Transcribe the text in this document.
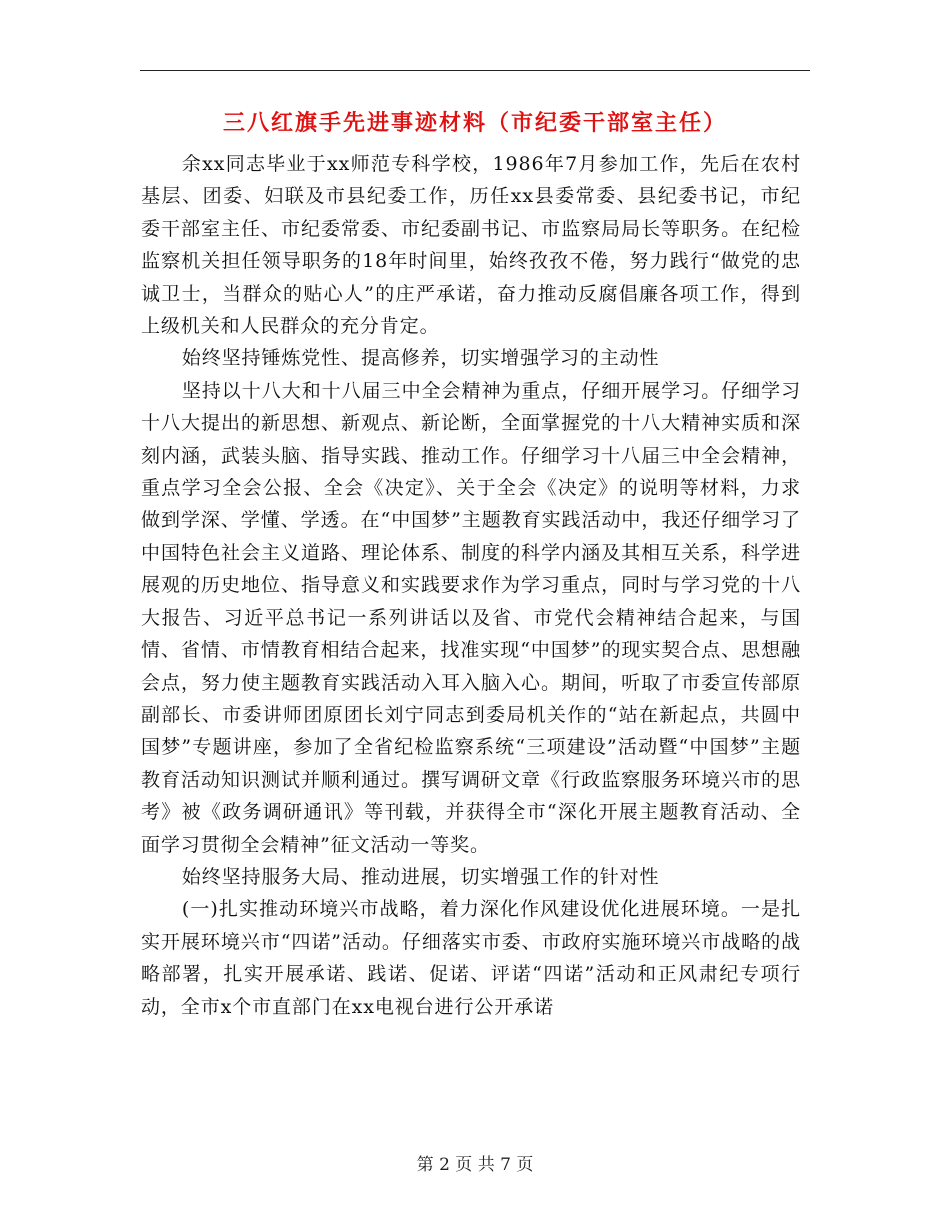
三八红旗手先进事迹材料（市纪委干部室主任）

余xx同志毕业于xx师范专科学校，1986年7月参加工作，先后在农村基层、团委、妇联及市县纪委工作，历任xx县委常委、县纪委书记，市纪委干部室主任、市纪委常委、市纪委副书记、市监察局局长等职务。在纪检监察机关担任领导职务的18年时间里，始终孜孜不倦，努力践行“做党的忠诚卫士，当群众的贴心人”的庄严承诺，奋力推动反腐倡廉各项工作，得到上级机关和人民群众的充分肯定。

始终坚持锤炼党性、提高修养，切实增强学习的主动性

坚持以十八大和十八届三中全会精神为重点，仔细开展学习。仔细学习十八大提出的新思想、新观点、新论断，全面掌握党的十八大精神实质和深刻内涵，武装头脑、指导实践、推动工作。仔细学习十八届三中全会精神，重点学习全会公报、全会《决定》、关于全会《决定》的说明等材料，力求做到学深、学懂、学透。在“中国梦”主题教育实践活动中，我还仔细学习了中国特色社会主义道路、理论体系、制度的科学内涵及其相互关系，科学进展观的历史地位、指导意义和实践要求作为学习重点，同时与学习党的十八大报告、习近平总书记一系列讲话以及省、市党代会精神结合起来，与国情、省情、市情教育相结合起来，找准实现“中国梦”的现实契合点、思想融会点，努力使主题教育实践活动入耳入脑入心。期间，听取了市委宣传部原副部长、市委讲师团原团长刘宁同志到委局机关作的“站在新起点，共圆中国梦”专题讲座，参加了全省纪检监察系统“三项建设”活动暨“中国梦”主题教育活动知识测试并顺利通过。撰写调研文章《行政监察服务环境兴市的思考》被《政务调研通讯》等刊载，并获得全市“深化开展主题教育活动、全面学习贯彻全会精神”征文活动一等奖。

始终坚持服务大局、推动进展，切实增强工作的针对性

(一)扎实推动环境兴市战略，着力深化作风建设优化进展环境。一是扎实开展环境兴市“四诺”活动。仔细落实市委、市政府实施环境兴市战略的战略部署，扎实开展承诺、践诺、促诺、评诺“四诺”活动和正风肃纪专项行动，全市x个市直部门在xx电视台进行公开承诺

第 2 页 共 7 页
